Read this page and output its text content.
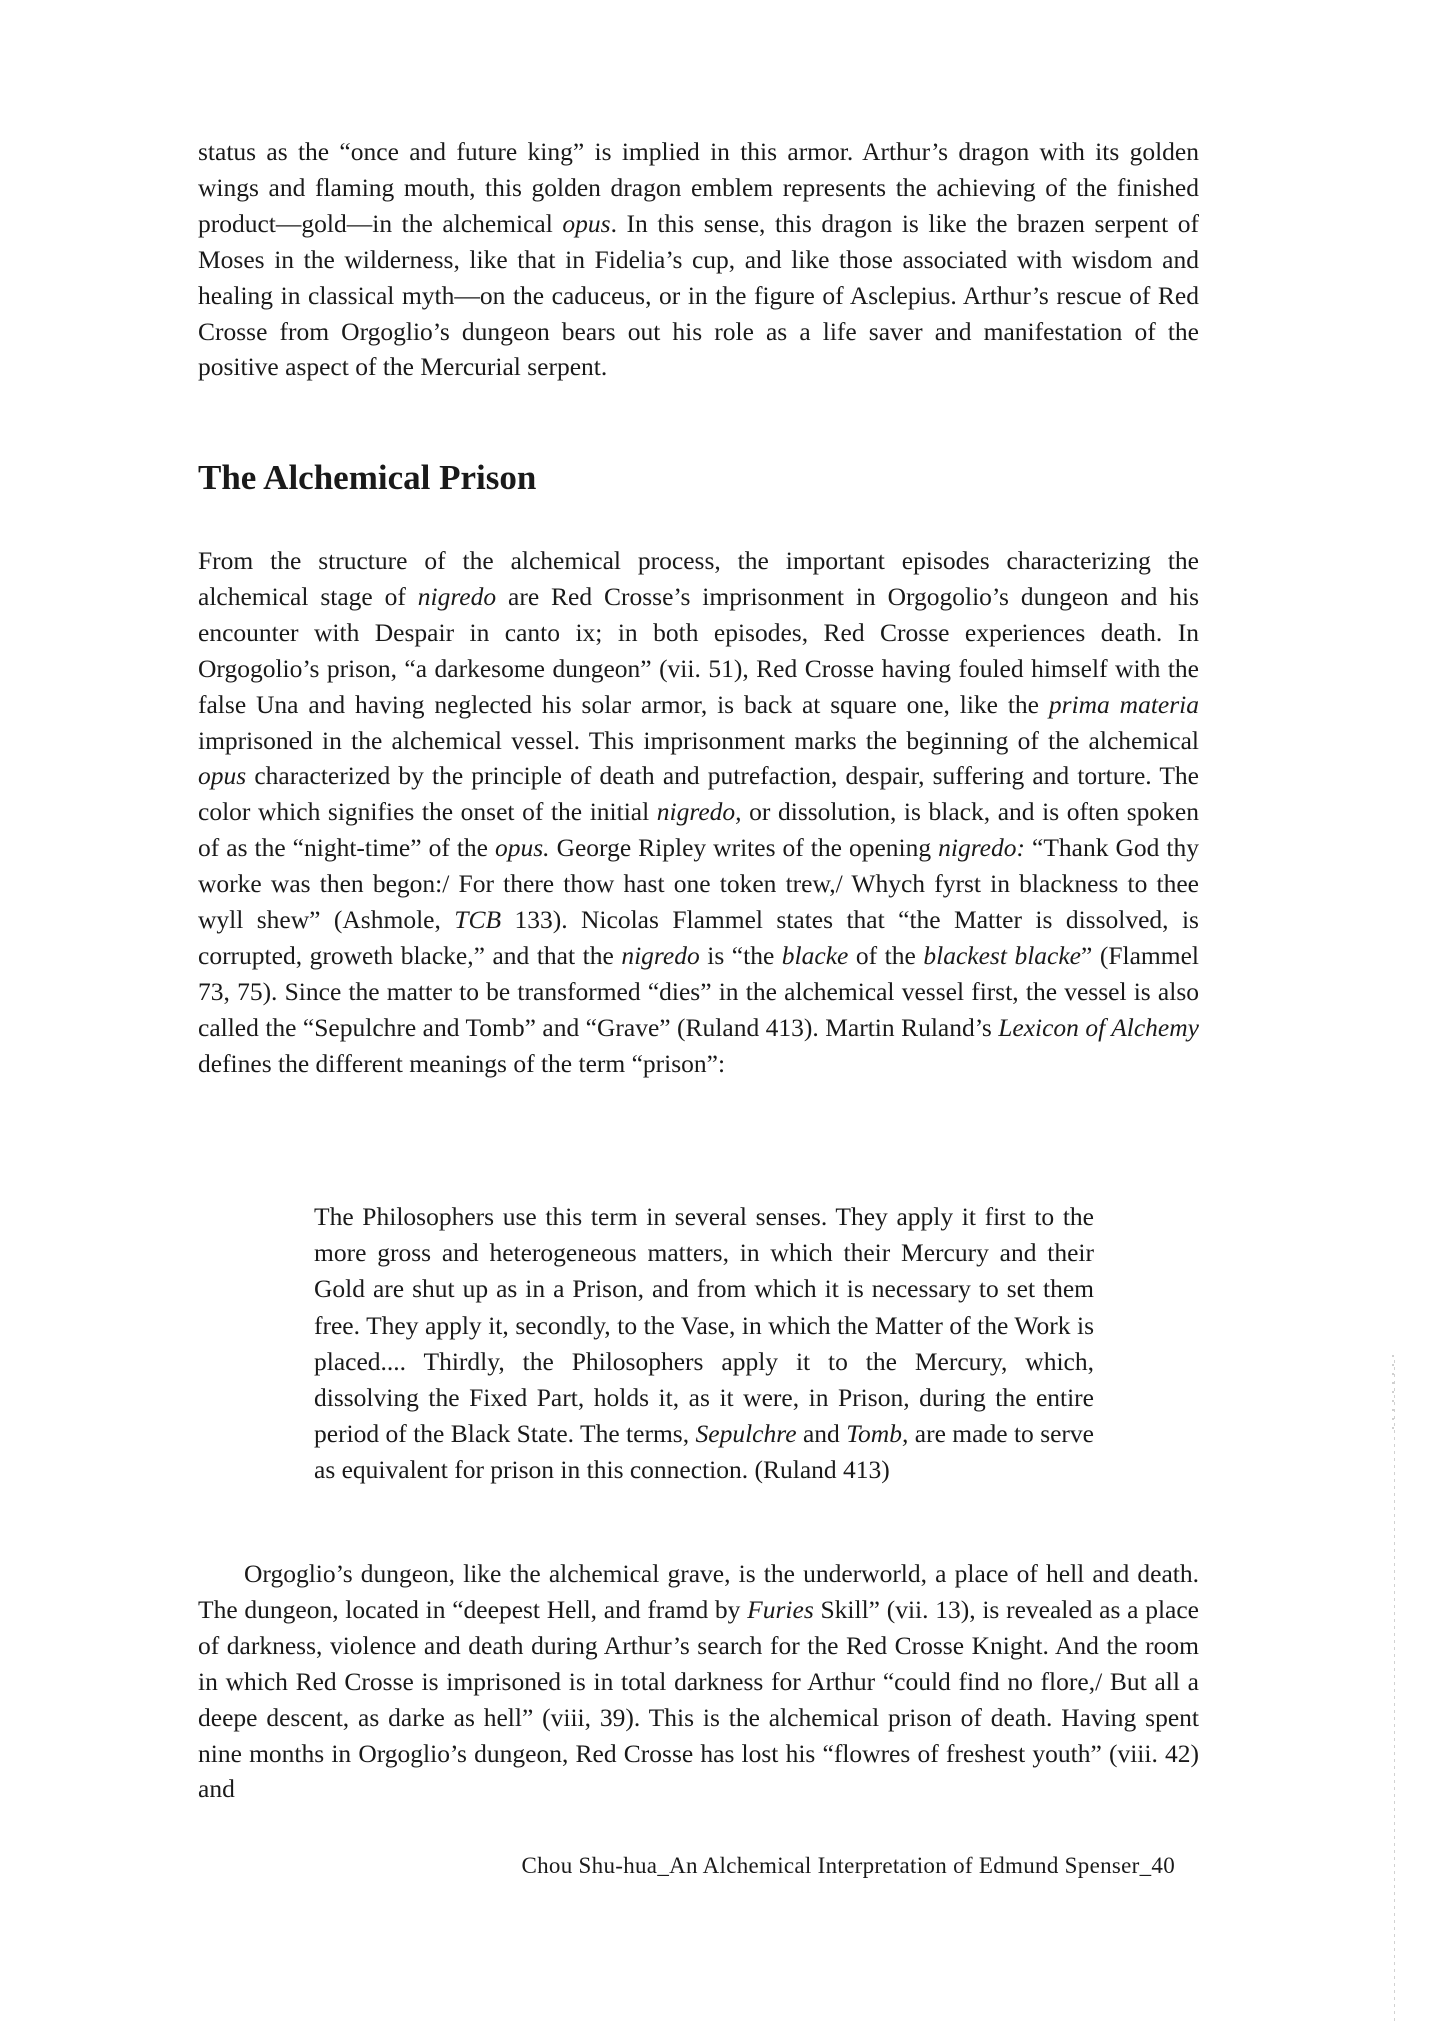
status as the “once and future king” is implied in this armor. Arthur’s dragon with its golden wings and flaming mouth, this golden dragon emblem represents the achieving of the finished product—gold—in the alchemical opus. In this sense, this dragon is like the brazen serpent of Moses in the wilderness, like that in Fidelia’s cup, and like those associated with wisdom and healing in classical myth—on the caduceus, or in the figure of Asclepius. Arthur’s rescue of Red Crosse from Orgoglio’s dungeon bears out his role as a life saver and manifestation of the positive aspect of the Mercurial serpent.

The Alchemical Prison

From the structure of the alchemical process, the important episodes characterizing the alchemical stage of nigredo are Red Crosse’s imprisonment in Orgogolio’s dungeon and his encounter with Despair in canto ix; in both episodes, Red Crosse experiences death. In Orgogolio’s prison, “a darkesome dungeon” (vii. 51), Red Crosse having fouled himself with the false Una and having neglected his solar armor, is back at square one, like the prima materia imprisoned in the alchemical vessel. This imprisonment marks the beginning of the alchemical opus characterized by the principle of death and putrefaction, despair, suffering and torture. The color which signifies the onset of the initial nigredo, or dissolution, is black, and is often spoken of as the “night-time” of the opus. George Ripley writes of the opening nigredo: “Thank God thy worke was then begon:/ For there thow hast one token trew,/ Whych fyrst in blackness to thee wyll shew” (Ashmole, TCB 133). Nicolas Flammel states that “the Matter is dissolved, is corrupted, groweth blacke,” and that the nigredo is “the blacke of the blackest blacke” (Flammel 73, 75). Since the matter to be transformed “dies” in the alchemical vessel first, the vessel is also called the “Sepulchre and Tomb” and “Grave” (Ruland 413). Martin Ruland’s Lexicon of Alchemy defines the different meanings of the term “prison”:

The Philosophers use this term in several senses. They apply it first to the more gross and heterogeneous matters, in which their Mercury and their Gold are shut up as in a Prison, and from which it is necessary to set them free. They apply it, secondly, to the Vase, in which the Matter of the Work is placed.... Thirdly, the Philosophers apply it to the Mercury, which, dissolving the Fixed Part, holds it, as it were, in Prison, during the entire period of the Black State. The terms, Sepulchre and Tomb, are made to serve as equivalent for prison in this connection. (Ruland 413)

Orgoglio’s dungeon, like the alchemical grave, is the underworld, a place of hell and death. The dungeon, located in “deepest Hell, and framd by Furies Skill” (vii. 13), is revealed as a place of darkness, violence and death during Arthur’s search for the Red Crosse Knight. And the room in which Red Crosse is imprisoned is in total darkness for Arthur “could find no flore,/ But all a deepe descent, as darke as hell” (viii, 39). This is the alchemical prison of death. Having spent nine months in Orgoglio’s dungeon, Red Crosse has lost his “flowres of freshest youth” (viii. 42) and

Chou Shu-hua_An Alchemical Interpretation of Edmund Spenser_40
